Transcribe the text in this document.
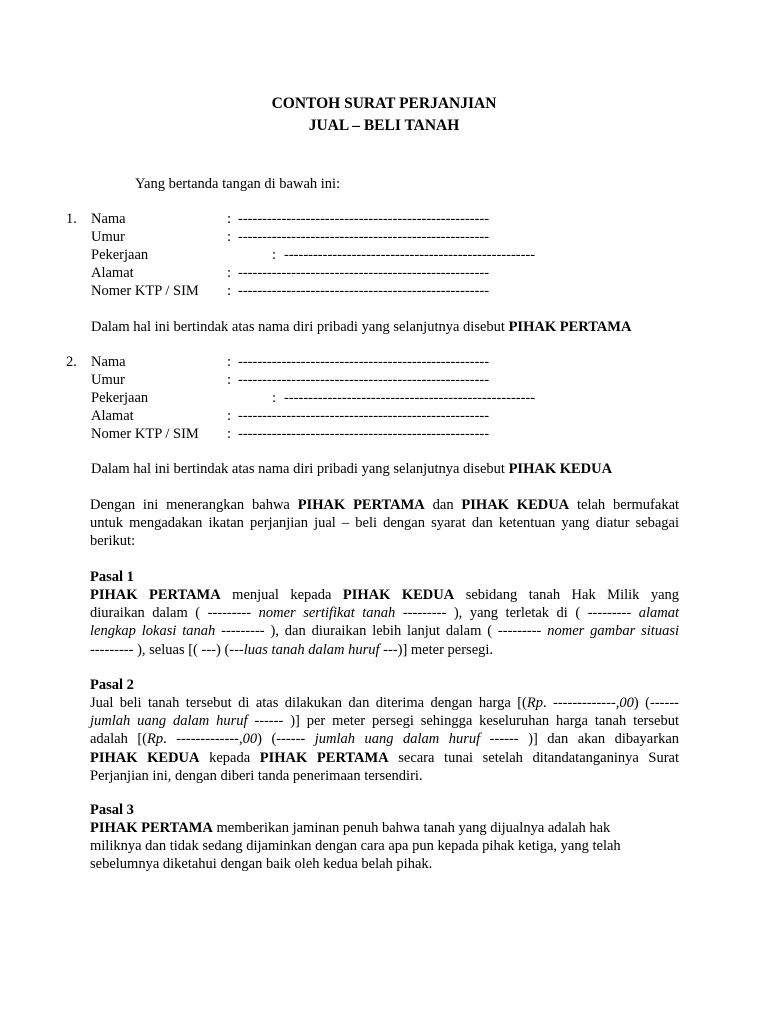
CONTOH SURAT PERJANJIAN
JUAL – BELI TANAH
Yang bertanda tangan di bawah ini:
1. Nama	: ----------------------------------------------------
Umur	: ----------------------------------------------------
Pekerjaan	: ----------------------------------------------------
Alamat	: ----------------------------------------------------
Nomer KTP / SIM : ----------------------------------------------------
Dalam hal ini bertindak atas nama diri pribadi yang selanjutnya disebut PIHAK PERTAMA
2. Nama	: ----------------------------------------------------
Umur	: ----------------------------------------------------
Pekerjaan	: ----------------------------------------------------
Alamat	: ----------------------------------------------------
Nomer KTP / SIM : ----------------------------------------------------
Dalam hal ini bertindak atas nama diri pribadi yang selanjutnya disebut PIHAK KEDUA
Dengan ini menerangkan bahwa PIHAK PERTAMA dan PIHAK KEDUA telah bermufakat
untuk mengadakan ikatan perjanjian jual – beli dengan syarat dan ketentuan yang diatur sebagai
berikut:
Pasal 1
PIHAK PERTAMA menjual kepada PIHAK KEDUA sebidang tanah Hak Milik yang
diuraikan dalam ( --------- nomer sertifikat tanah --------- ), yang terletak di ( --------- alamat
lengkap lokasi tanah --------- ), dan diuraikan lebih lanjut dalam ( --------- nomer gambar situasi
--------- ), seluas [( ---) (---luas tanah dalam huruf ---)] meter persegi.
Pasal 2
Jual beli tanah tersebut di atas dilakukan dan diterima dengan harga [(Rp. -------------,00) (------
jumlah uang dalam huruf ------ )] per meter persegi sehingga keseluruhan harga tanah tersebut
adalah [(Rp. -------------,00) (------ jumlah uang dalam huruf ------ )] dan akan dibayarkan
PIHAK KEDUA kepada PIHAK PERTAMA secara tunai setelah ditandatanganinya Surat
Perjanjian ini, dengan diberi tanda penerimaan tersendiri.
Pasal 3
PIHAK PERTAMA memberikan jaminan penuh bahwa tanah yang dijualnya adalah hak
miliknya dan tidak sedang dijaminkan dengan cara apa pun kepada pihak ketiga, yang telah
sebelumnya diketahui dengan baik oleh kedua belah pihak.
